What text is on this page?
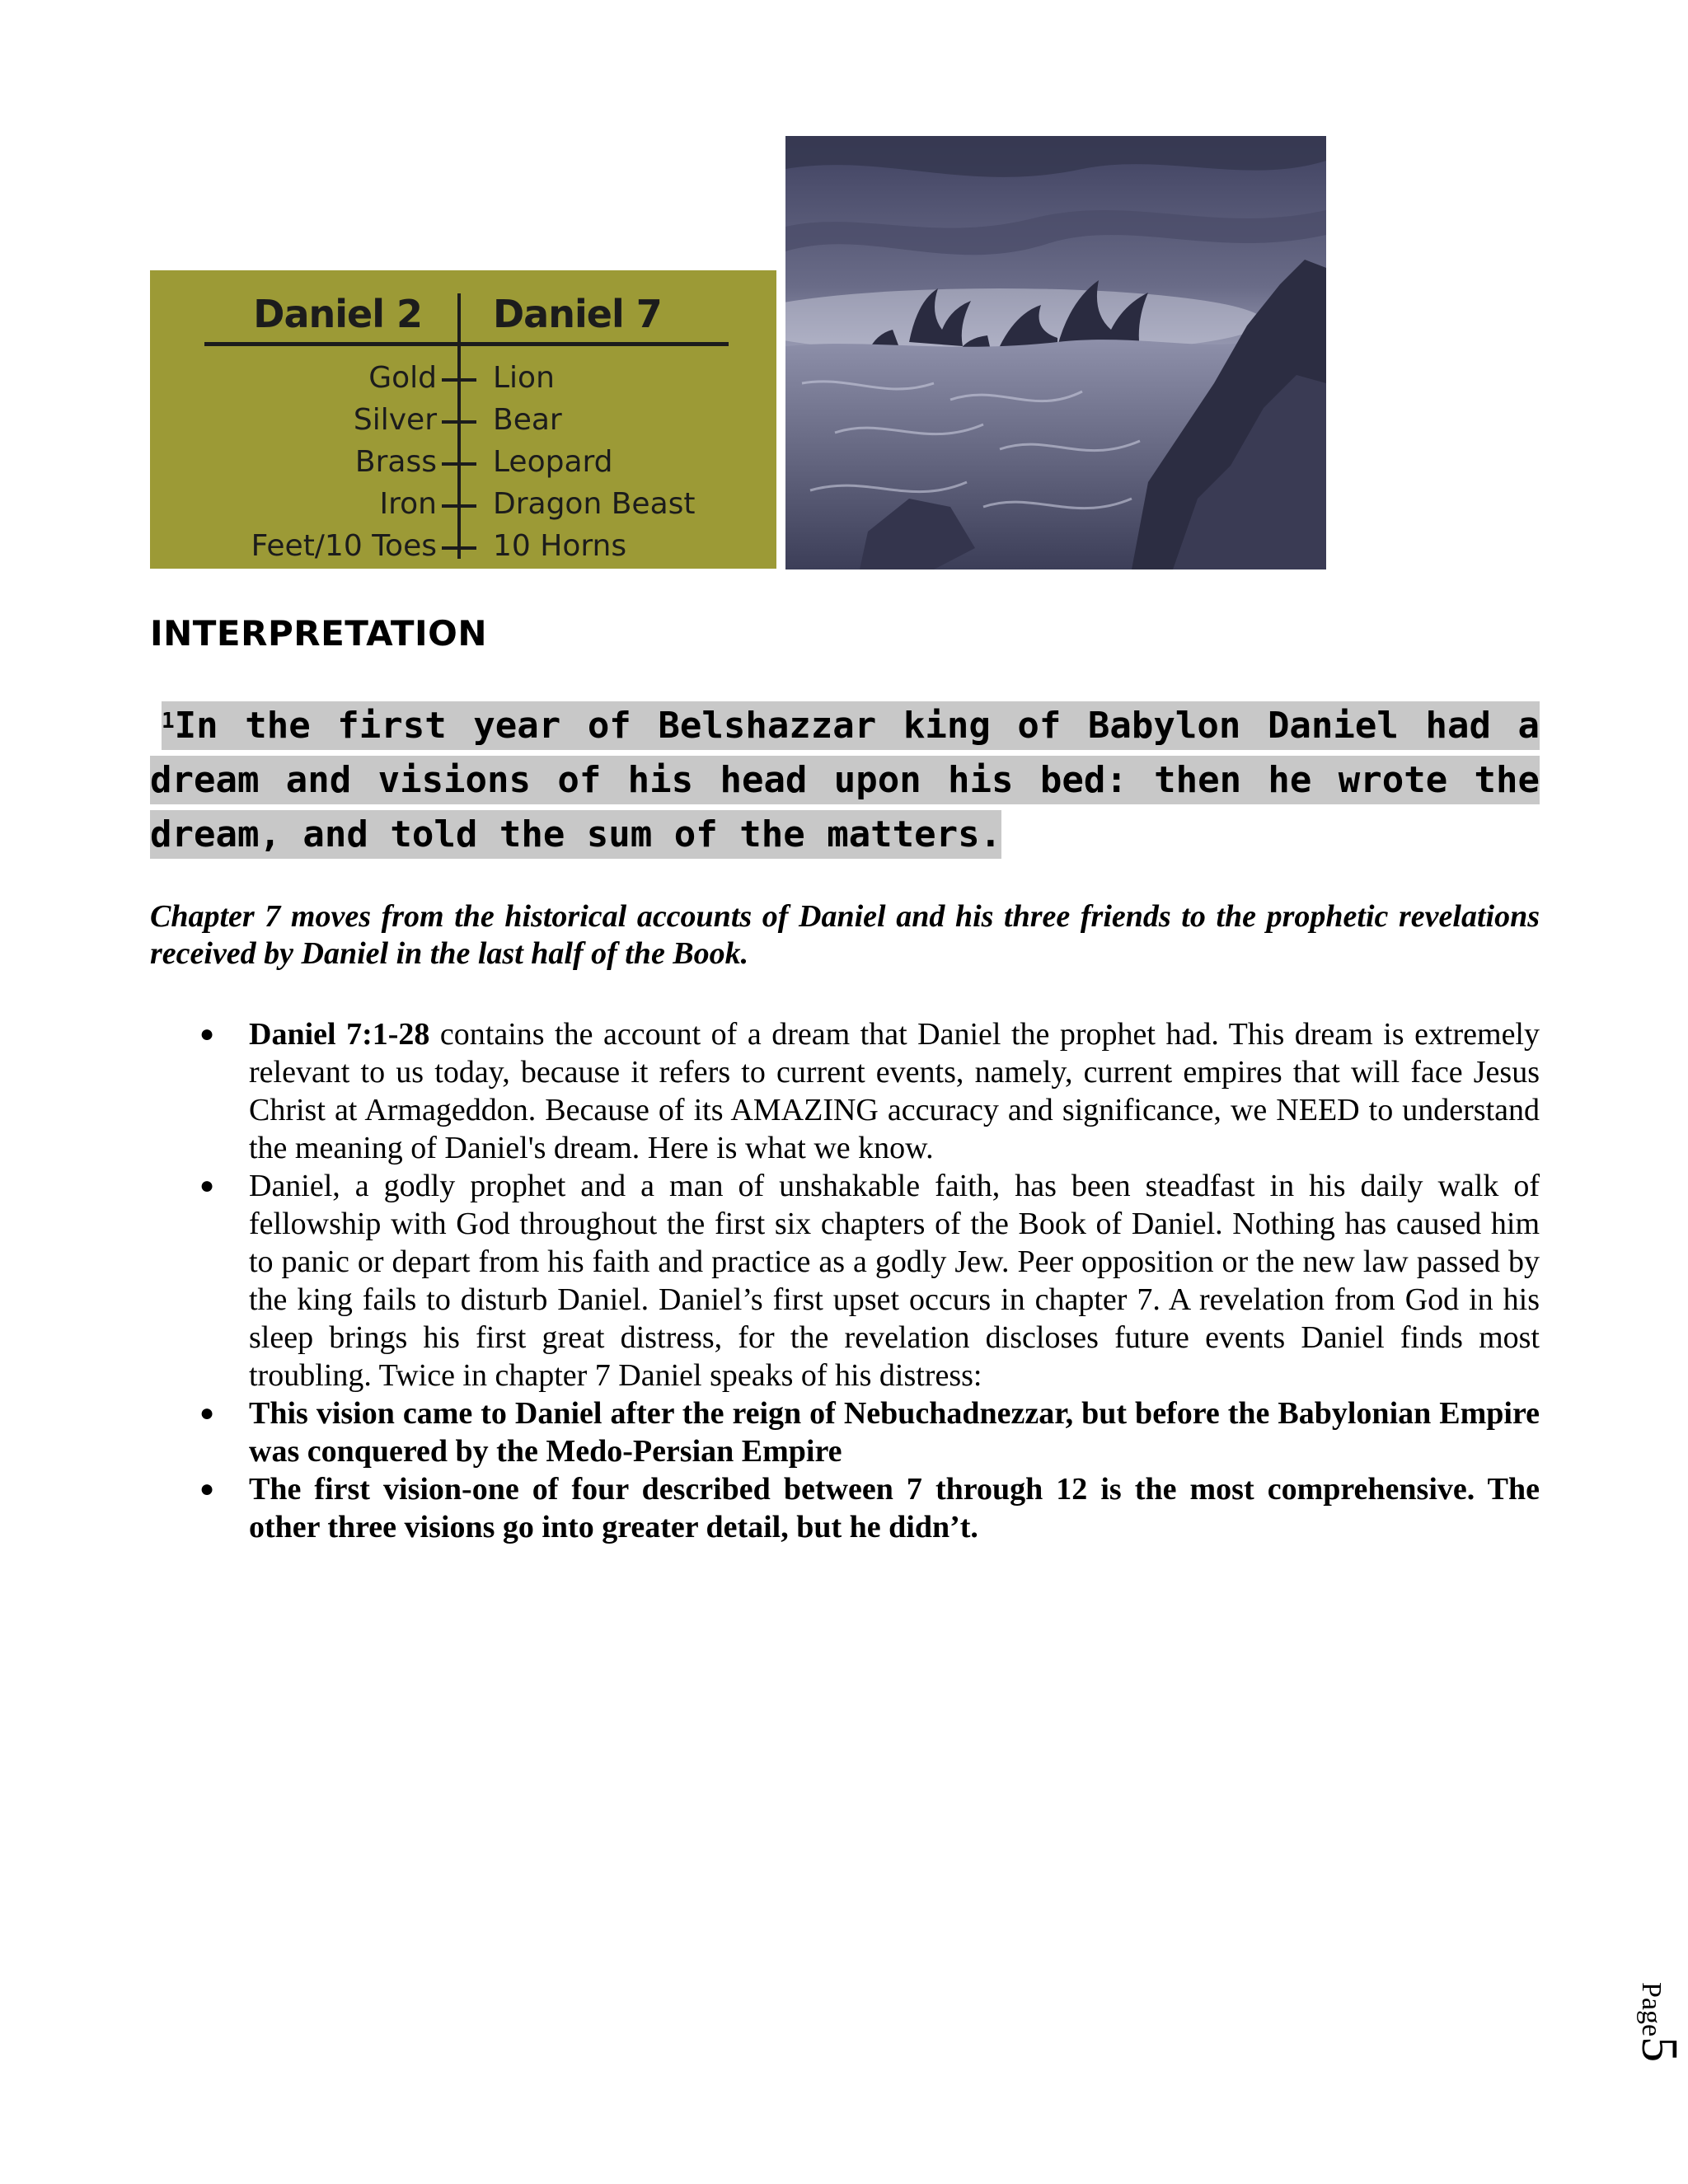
Daniel 2 Daniel 7
Gold Lion
Silver Bear
Brass Leopard
Iron Dragon Beast
Feet/10 Toes 10 Horns
INTERPRETATION
$^1$In the first year of Belshazzar king of Babylon Daniel had a dream and visions of his head upon his bed: then he wrote the dream, and told the sum of the matters.

Chapter 7 moves from the historical accounts of Daniel and his three friends to the prophetic revelations received by Daniel in the last half of the Book.

● Daniel 7:1-28 contains the account of a dream that Daniel the prophet had. This dream is extremely relevant to us today, because it refers to current events, namely, current empires that will face Jesus Christ at Armageddon. Because of its AMAZING accuracy and significance, we NEED to understand the meaning of Daniel's dream. Here is what we know.
● Daniel, a godly prophet and a man of unshakable faith, has been steadfast in his daily walk of fellowship with God throughout the first six chapters of the Book of Daniel. Nothing has caused him to panic or depart from his faith and practice as a godly Jew. Peer opposition or the new law passed by the king fails to disturb Daniel. Daniel’s first upset occurs in chapter 7. A revelation from God in his sleep brings his first great distress, for the revelation discloses future events Daniel finds most troubling. Twice in chapter 7 Daniel speaks of his distress:
● This vision came to Daniel after the reign of Nebuchadnezzar, but before the Babylonian Empire was conquered by the Medo-Persian Empire
● The first vision-one of four described between 7 through 12 is the most comprehensive. The other three visions go into greater detail, but he didn’t.
Page5
